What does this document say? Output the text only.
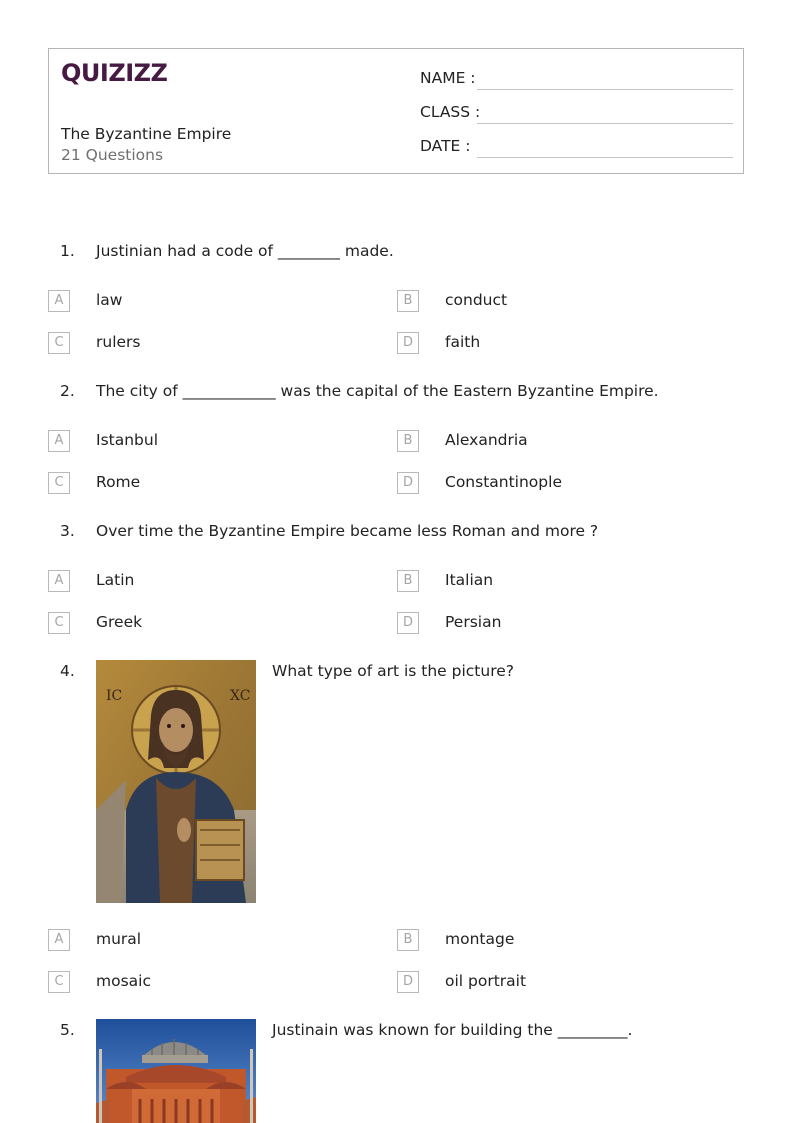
QUIZIZZ
The Byzantine Empire
21 Questions
NAME :
CLASS :
DATE :
1. Justinian had a code of ________ made.
A	law	B	conduct
C	rulers	D	faith
2. The city of ____________ was the capital of the Eastern Byzantine Empire.
A	Istanbul	B	Alexandria
C	Rome	D	Constantinople
3. Over time the Byzantine Empire became less Roman and more ?
A	Latin	B	Italian
C	Greek	D	Persian
4.
IC	XC
What type of art is the picture?
A	mural	B	montage
C	mosaic	D	oil portrait
5.	Justinain was known for building the _________.
